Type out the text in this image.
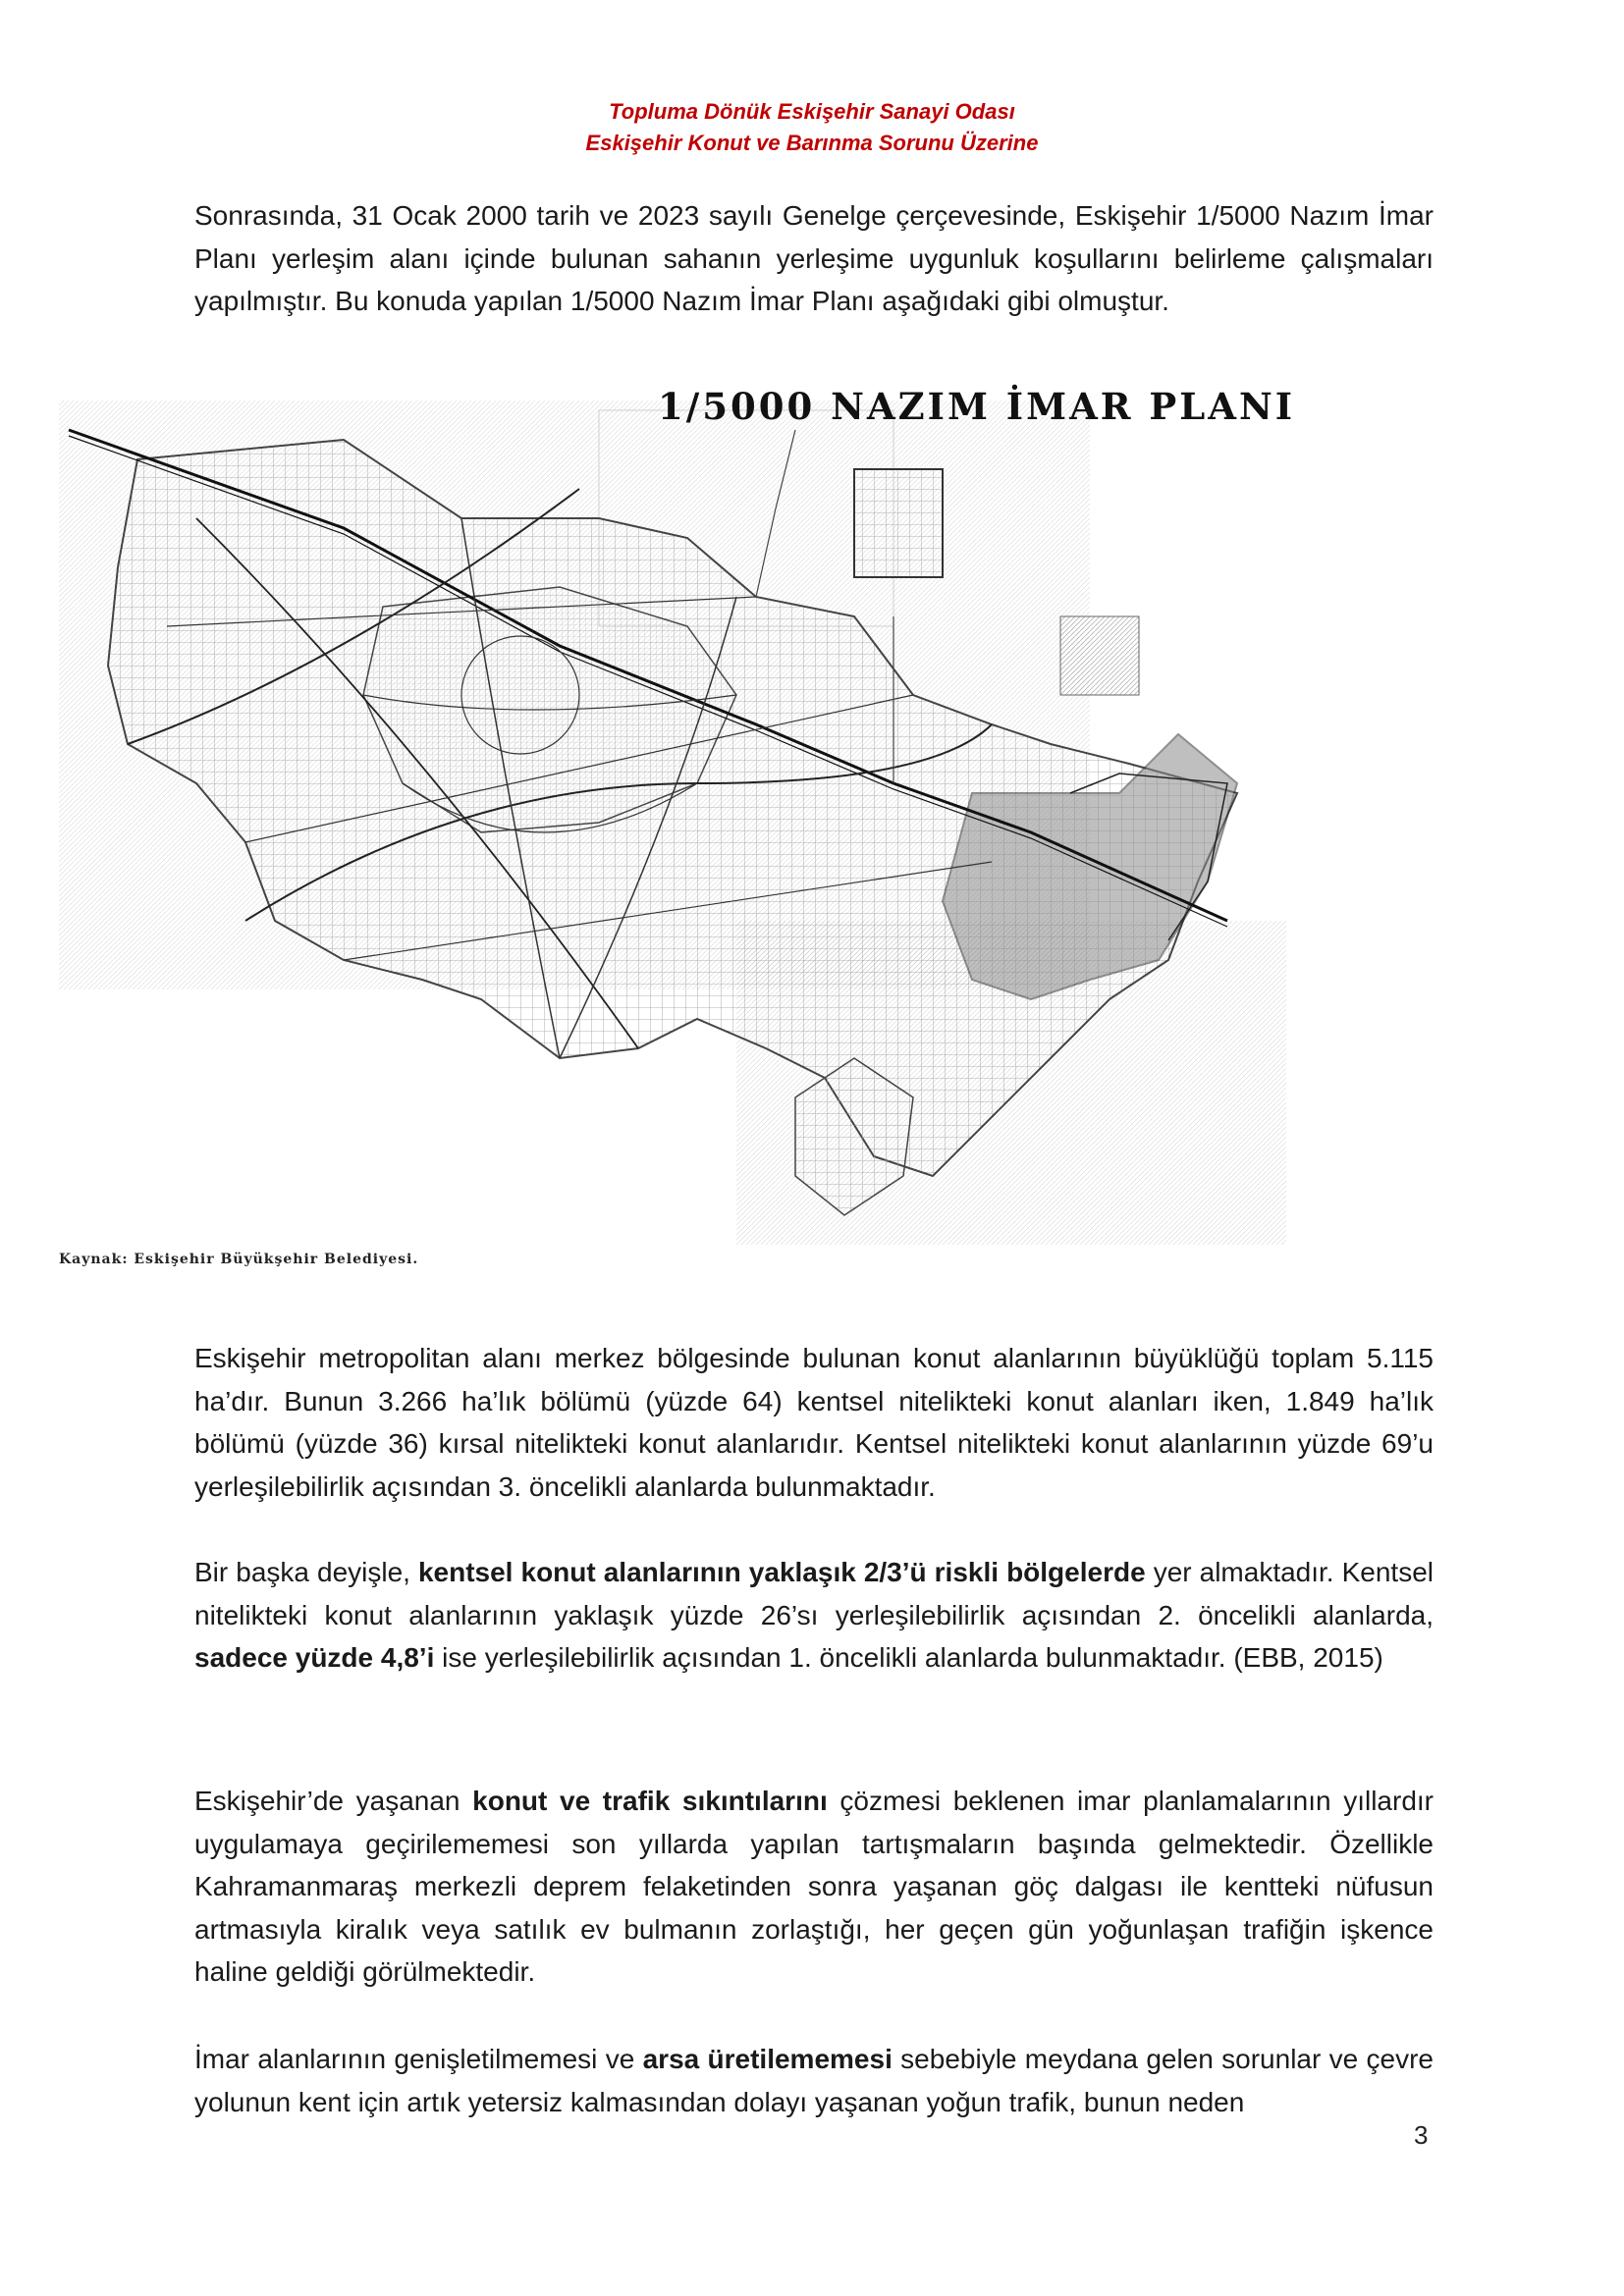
Topluma Dönük Eskişehir Sanayi Odası
Eskişehir Konut ve Barınma Sorunu Üzerine

Sonrasında, 31 Ocak 2000 tarih ve 2023 sayılı Genelge çerçevesinde, Eskişehir 1/5000 Nazım İmar Planı yerleşim alanı içinde bulunan sahanın yerleşime uygunluk koşullarını belirleme çalışmaları yapılmıştır. Bu konuda yapılan 1/5000 Nazım İmar Planı aşağıdaki gibi olmuştur.

1/5000 NAZIM İMAR PLANI
Kaynak: Eskişehir Büyükşehir Belediyesi.

Eskişehir metropolitan alanı merkez bölgesinde bulunan konut alanlarının büyüklüğü toplam 5.115 ha’dır. Bunun 3.266 ha’lık bölümü (yüzde 64) kentsel nitelikteki konut alanları iken, 1.849 ha’lık bölümü (yüzde 36) kırsal nitelikteki konut alanlarıdır. Kentsel nitelikteki konut alanlarının yüzde 69’u yerleşilebilirlik açısından 3. öncelikli alanlarda bulunmaktadır.

Bir başka deyişle, kentsel konut alanlarının yaklaşık 2/3’ü riskli bölgelerde yer almaktadır. Kentsel nitelikteki konut alanlarının yaklaşık yüzde 26’sı yerleşilebilirlik açısından 2. öncelikli alanlarda, sadece yüzde 4,8’i ise yerleşilebilirlik açısından 1. öncelikli alanlarda bulunmaktadır. (EBB, 2015)

Eskişehir’de yaşanan konut ve trafik sıkıntılarını çözmesi beklenen imar planlamalarının yıllardır uygulamaya geçirilememesi son yıllarda yapılan tartışmaların başında gelmektedir. Özellikle Kahramanmaraş merkezli deprem felaketinden sonra yaşanan göç dalgası ile kentteki nüfusun artmasıyla kiralık veya satılık ev bulmanın zorlaştığı, her geçen gün yoğunlaşan trafiğin işkence haline geldiği görülmektedir.

İmar alanlarının genişletilmemesi ve arsa üretilememesi sebebiyle meydana gelen sorunlar ve çevre yolunun kent için artık yetersiz kalmasından dolayı yaşanan yoğun trafik, bunun neden

3
